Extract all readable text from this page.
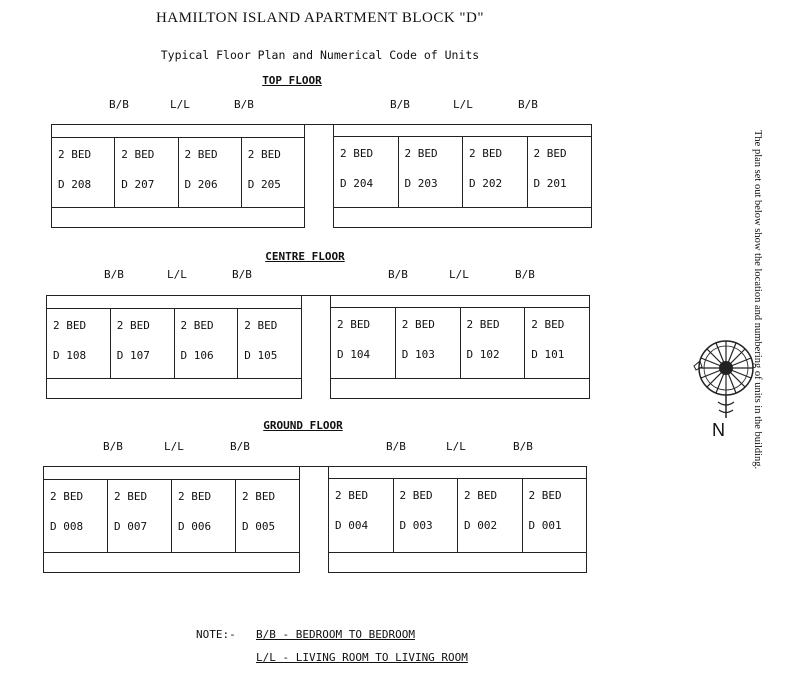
HAMILTON ISLAND APARTMENT BLOCK "D"
Typical Floor Plan and Numerical Code of Units
TOP FLOOR
B/B	L/L	B/B	B/B	L/L	B/B
2 BED
D 208
2 BED
D 207
2 BED
D 206
2 BED
D 205
2 BED
D 204
2 BED
D 203
2 BED
D 202
2 BED
D 201
CENTRE FLOOR
B/B	L/L	B/B	B/B	L/L	B/B
2 BED
D 108
2 BED
D 107
2 BED
D 106
2 BED
D 105
2 BED
D 104
2 BED
D 103
2 BED
D 102
2 BED
D 101
GROUND FLOOR
B/B	L/L	B/B	B/B	L/L	B/B
2 BED
D 008
2 BED
D 007
2 BED
D 006
2 BED
D 005
2 BED
D 004
2 BED
D 003
2 BED
D 002
2 BED
D 001
N	The plan set out below show the location and numbering of units in the building.
NOTE:- B/B - BEDROOM TO BEDROOM
L/L - LIVING ROOM TO LIVING ROOM
